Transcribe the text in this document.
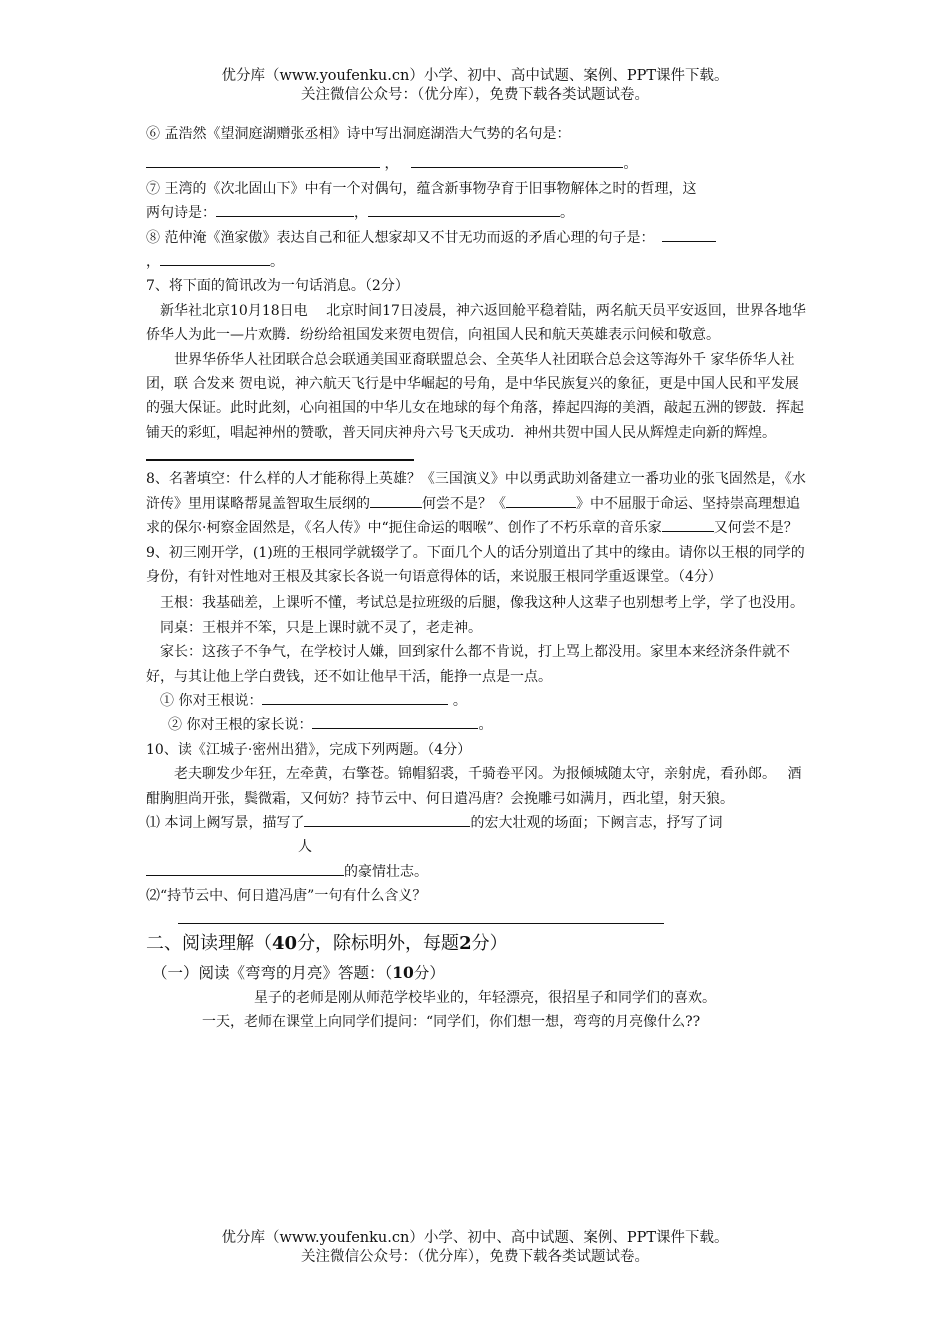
优分库（www.youfenku.cn）小学、初中、高中试题、案例、PPT课件下载。
关注微信公众号：（优分库），免费下载各类试题试卷。

⑥ 孟浩然《望洞庭湖赠张丞相》诗中写出洞庭湖浩大气势的名句是：

，	。

⑦ 王湾的《次北固山下》中有一个对偶句，蕴含新事物孕育于旧事物解体之时的哲理，这

两句诗是：	，	。

⑧ 范仲淹《渔家傲》表达自己和征人想家却又不甘无功而返的矛盾心理的句子是：

，	。

7、将下面的简讯改为一句话消息。（2分）

新华社北京10月18日电　 北京时间17日凌晨，神六返回舱平稳着陆，两名航天员平安返回，世界各地华侨华人为此一—片欢腾．纷纷给祖国发来贺电贺信，向祖国人民和航天英雄表示问候和敬意。

世界华侨华人社团联合总会联通美国亚裔联盟总会、全英华人社团联合总会这等海外千 家华侨华人社团，联 合发来 贺电说，神六航天飞行是中华崛起的号角，是中华民族复兴的象征，更是中国人民和平发展的强大保证。此时此刻，心向祖国的中华儿女在地球的每个角落，捧起四海的美酒，敲起五洲的锣鼓．挥起铺天的彩虹，唱起神州的赞歌，普天同庆神舟六号飞天成功．神州共贺中国人民从辉煌走向新的辉煌。

8、名著填空：什么样的人才能称得上英雄？《三国演义》中以勇武助刘备建立一番功业的张飞固然是，《水浒传》里用谋略帮晁盖智取生辰纲的	何尝不是？《	》中不屈服于命运、坚持崇高理想追求的保尔·柯察金固然是，《名人传》中“扼住命运的咽喉”、创作了不朽乐章的音乐家	又何尝不是？

9、初三刚开学，(1)班的王根同学就辍学了。下面几个人的话分别道出了其中的缘由。请你以王根的同学的身份，有针对性地对王根及其家长各说一句语意得体的话，来说服王根同学重返课堂。（4分）

王根：我基础差，上课听不懂，考试总是拉班级的后腿，像我这种人这辈子也别想考上学，学了也没用。

同桌：王根并不笨，只是上课时就不灵了，老走神。

家长：这孩子不争气，在学校讨人嫌，回到家什么都不肯说，打上骂上都没用。家里本来经济条件就不好，与其让他上学白费钱，还不如让他早干活，能挣一点是一点。

① 你对王根说：	。

② 你对王根的家长说：	。

10、读《江城子·密州出猎》，完成下列两题。（4分）

老夫聊发少年狂，左牵黄，右擎苍。锦帽貂裘，千骑卷平冈。为报倾城随太守，亲射虎，看孙郎。　 酒酣胸胆尚开张，鬓微霜，又何妨？持节云中、何日遣冯唐？会挽雕弓如满月，西北望，射天狼。

⑴ 本词上阙写景，描写了	的宏大壮观的场面；下阙言志，抒写了词

人

的豪情壮志。

⑵“持节云中、何日遣冯唐”一句有什么含义？

二、阅读理解（40分，除标明外，每题2分）

（一）阅读《弯弯的月亮》答题：（10分）

星子的老师是刚从师范学校毕业的，年轻漂亮，很招星子和同学们的喜欢。

一天，老师在课堂上向同学们提问：“同学们，你们想一想，弯弯的月亮像什么??

优分库（www.youfenku.cn）小学、初中、高中试题、案例、PPT课件下载。
关注微信公众号：（优分库），免费下载各类试题试卷。
